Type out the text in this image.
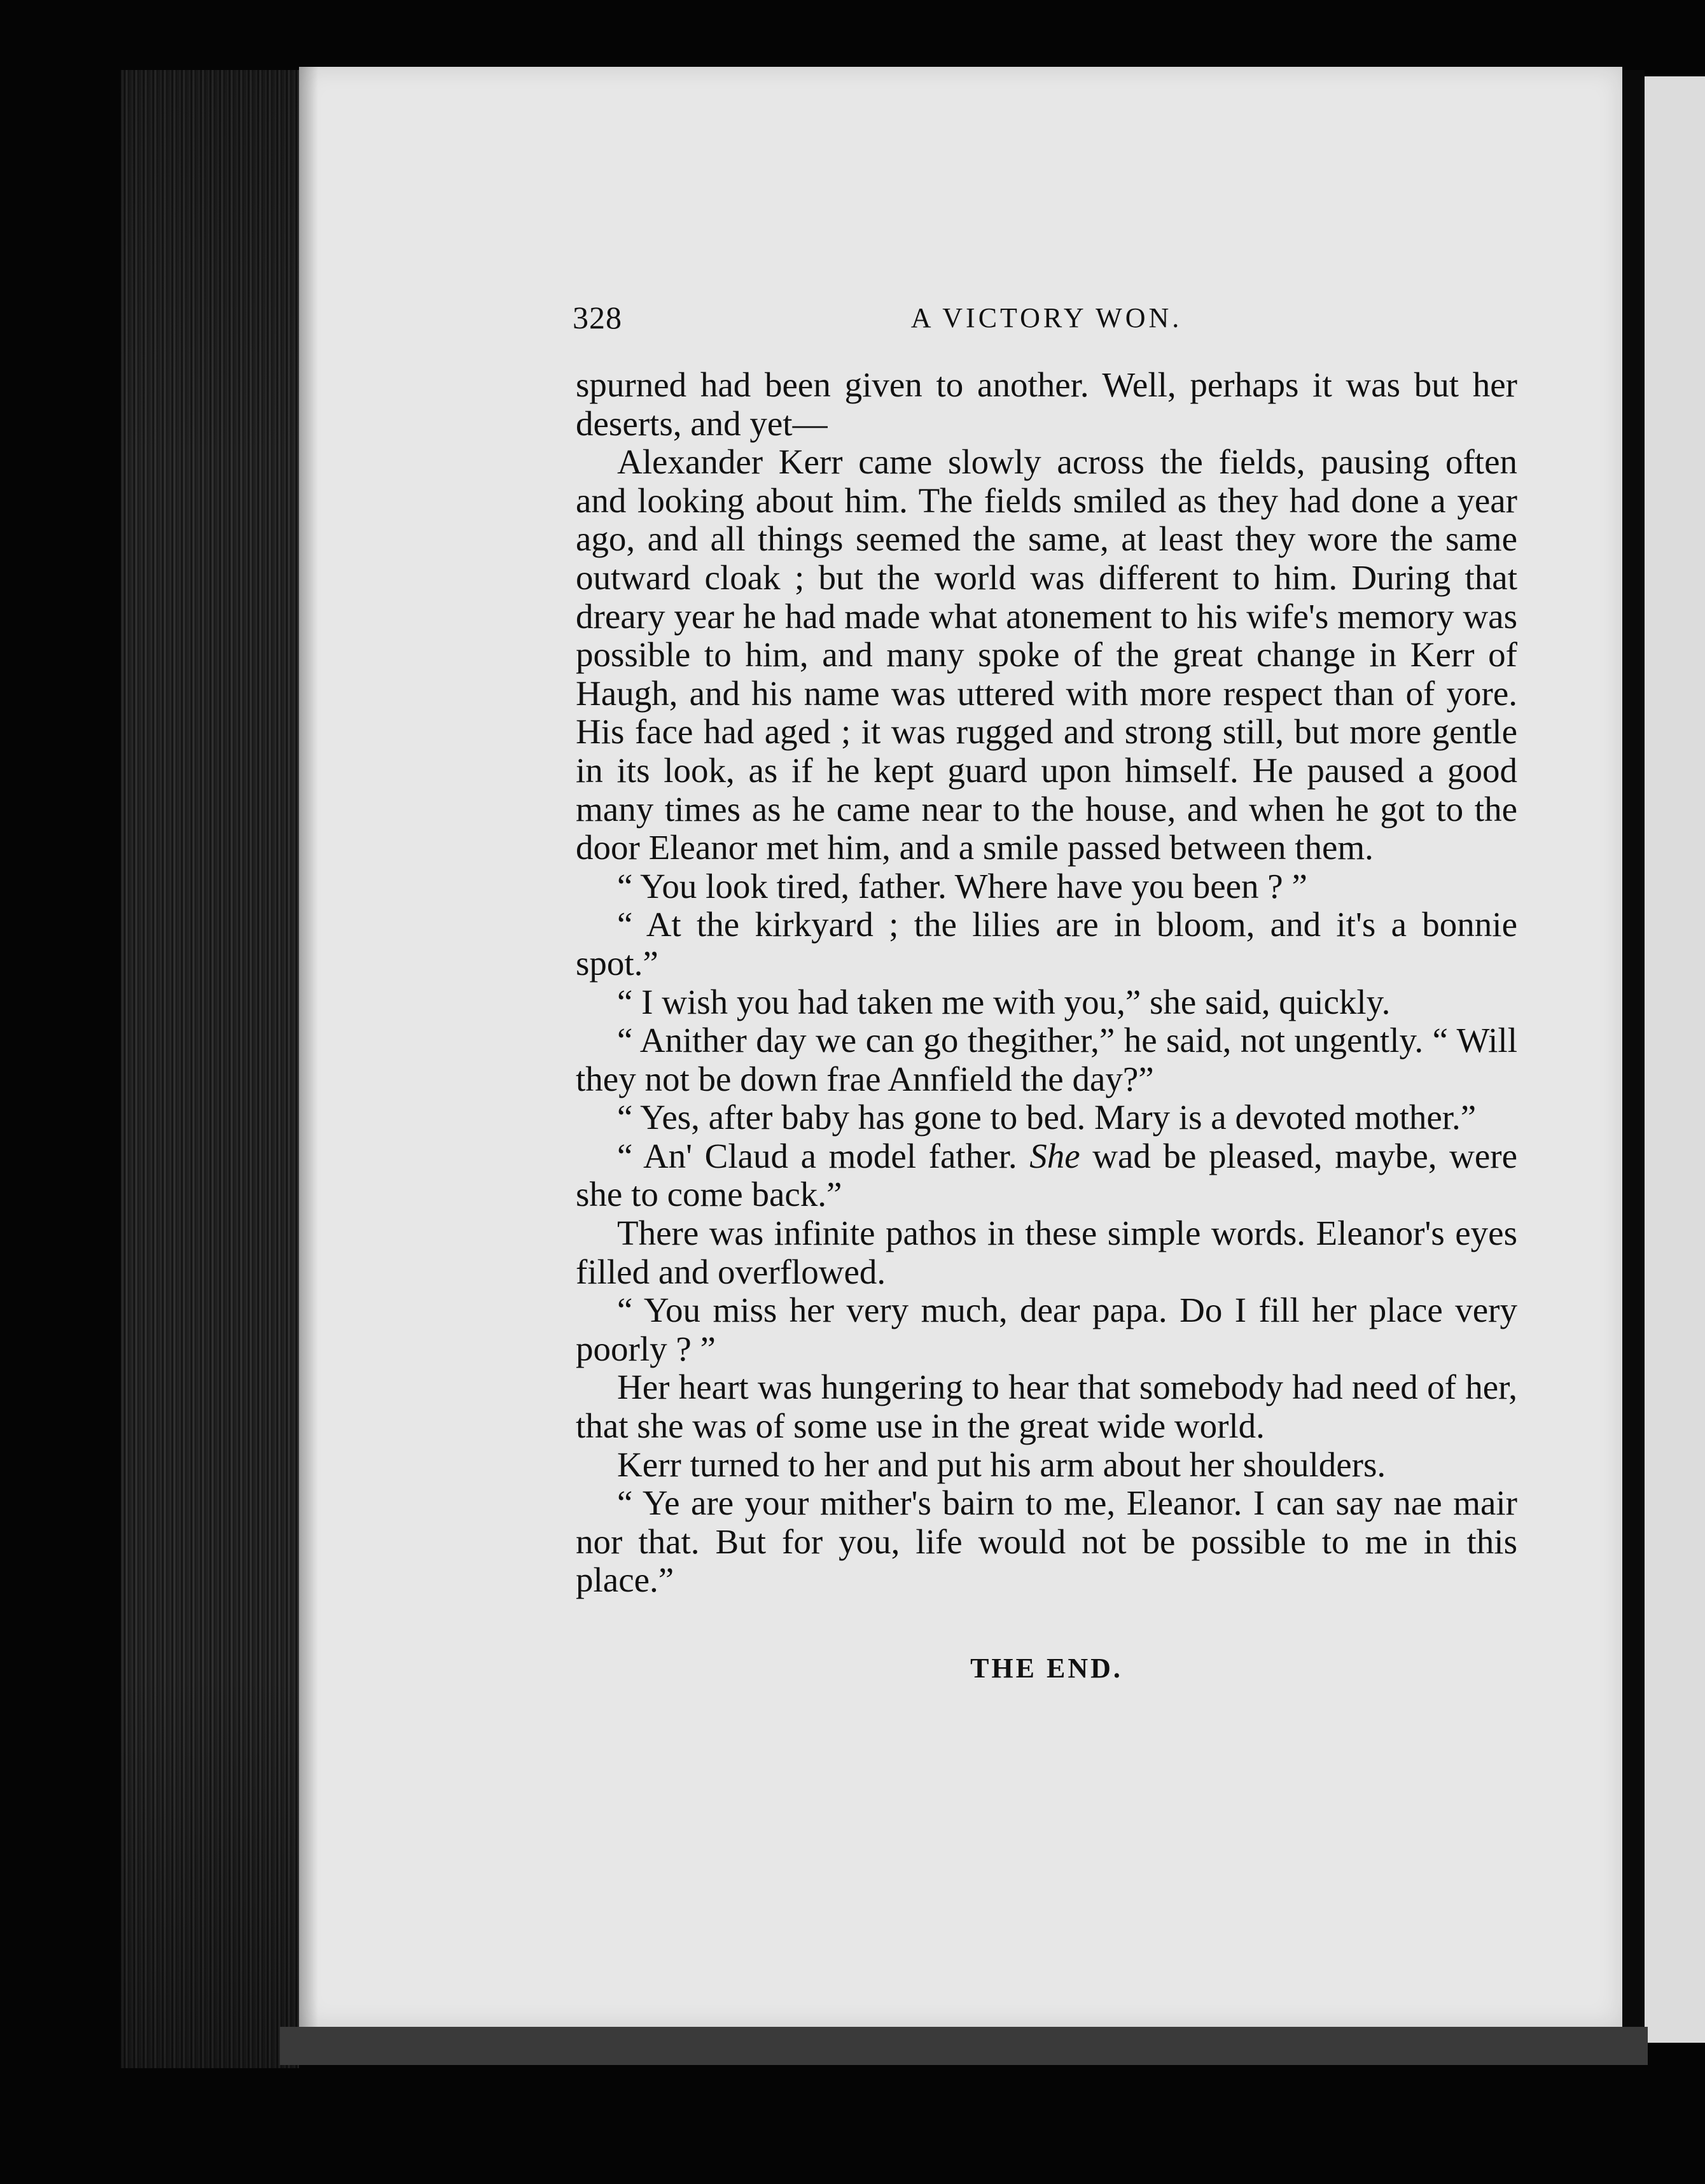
328	A VICTORY WON.

spurned had been given to another. Well, perhaps it was but her deserts, and yet—

Alexander Kerr came slowly across the fields, pausing often and looking about him. The fields smiled as they had done a year ago, and all things seemed the same, at least they wore the same outward cloak ; but the world was different to him. During that dreary year he had made what atonement to his wife's memory was possible to him, and many spoke of the great change in Kerr of Haugh, and his name was uttered with more respect than of yore. His face had aged ; it was rugged and strong still, but more gentle in its look, as if he kept guard upon himself. He paused a good many times as he came near to the house, and when he got to the door Eleanor met him, and a smile passed between them.

“ You look tired, father. Where have you been ? ”

“ At the kirkyard ; the lilies are in bloom, and it's a bonnie spot.”

“ I wish you had taken me with you,” she said, quickly.

“ Anither day we can go thegither,” he said, not ungently. “ Will they not be down frae Annfield the day?”

“ Yes, after baby has gone to bed. Mary is a devoted mother.”

“ An' Claud a model father. She wad be pleased, maybe, were she to come back.”

There was infinite pathos in these simple words. Eleanor's eyes filled and overflowed.

“ You miss her very much, dear papa. Do I fill her place very poorly ? ”

Her heart was hungering to hear that somebody had need of her, that she was of some use in the great wide world.

Kerr turned to her and put his arm about her shoulders.

“ Ye are your mither's bairn to me, Eleanor. I can say nae mair nor that. But for you, life would not be possible to me in this place.”

THE END.
